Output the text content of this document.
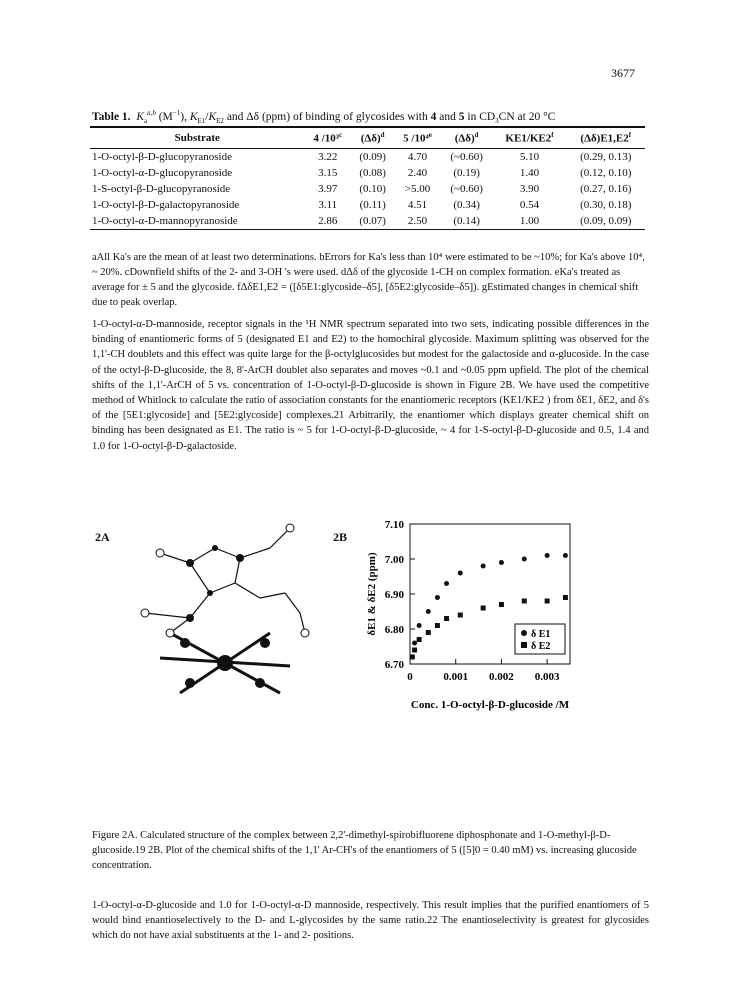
3677
Table 1. $K_a^{a,b}$ $(M^{-1})$, $K_{E1}/K_{E2}$ and Δδ (ppm) of binding of glycosides with 4 and 5 in $CD_3CN$ at 20 °C
Substrate	4 /10³$^c$	$(\Delta\delta)^d$	5 /10⁴$^e$	$(\Delta\delta)^d$	KE1/KE2$^f$	(Δδ)E1,E2$^f$
1-O-octyl-β-D-glucopyranoside	3.22	(0.09)	4.70	(~0.60)	5.10	(0.29, 0.13)
1-O-octyl-α-D-glucopyranoside	3.15	(0.08)	2.40	(0.19)	1.40	(0.12, 0.10)
1-S-octyl-β-D-glucopyranoside	3.97	(0.10)	>5.00	(~0.60)	3.90	(0.27, 0.16)
1-O-octyl-β-D-galactopyranoside	3.11	(0.11)	4.51	(0.34)	0.54	(0.30, 0.18)
1-O-octyl-α-D-mannopyranoside	2.86	(0.07)	2.50	(0.14)	1.00	(0.09, 0.09)
aAll Ka's are the mean of at least two determinations. bErrors for Ka's less than 10⁴ were estimated to be ~10%; for Ka's above 10⁴, ~ 20%. cDownfield shifts of the 2- and 3-OH 's were used. dΔδ of the glycoside 1-CH on complex formation. eKa's treated as average for ± 5 and the glycoside. fΔδE1,E2 = ([δ5E1:glycoside–δ5], [δ5E2:glycoside–δ5]). gEstimated changes in chemical shift due to peak overlap.
1-O-octyl-α-D-mannoside, receptor signals in the ¹H NMR spectrum separated into two sets, indicating possible differences in the binding of enantiomeric forms of 5 (designated E1 and E2) to the homochiral glycoside. Maximum splitting was observed for the 1,1'-CH doublets and this effect was quite large for the β-octylglucosides but modest for the galactoside and α-glucoside. In the case of the octyl-β-D-glucoside, the 8, 8'-ArCH doublet also separates and moves ~0.1 and ~0.05 ppm upfield. The plot of the chemical shifts of the 1,1'-ArCH of 5 vs. concentration of 1-O-octyl-β-D-glucoside is shown in Figure 2B. We have used the competitive method of Whitlock to calculate the ratio of association constants for the enantiomeric receptors (KE1/KE2 ) from δE1, δE2, and δ's of the [5E1:glycoside] and [5E2:glycoside] complexes.21 Arbitrarily, the enantiomer which displays greater chemical shift on binding has been designated as E1. The ratio is ~ 5 for 1-O-octyl-β-D-glucoside, ~ 4 for 1-S-octyl-β-D-glucoside and 0.5, 1.4 and 1.0 for 1-O-octyl-β-D-galactoside.
2A	2B
δE1 & δE2 (ppm)
6.70
6.80
6.90
7.00
7.10
0	0.001 0.002 0.003
δ E1
δ E2
Conc. 1-O-octyl-β-D-glucoside /M
Figure 2A. Calculated structure of the complex between 2,2'-dimethyl-spirobifluorene diphosphonate and 1-O-methyl-β-D-glucoside.19 2B. Plot of the chemical shifts of the 1,1' Ar-CH's of the enantiomers of 5 ([5]0 = 0.40 mM) vs. increasing glucoside concentration.
1-O-octyl-α-D-glucoside and 1.0 for 1-O-octyl-α-D mannoside, respectively. This result implies that the purified enantiomers of 5 would bind enantioselectively to the D- and L-glycosides by the same ratio.22 The enantioselectivity is greatest for glycosides which do not have axial substituents at the 1- and 2- positions.
